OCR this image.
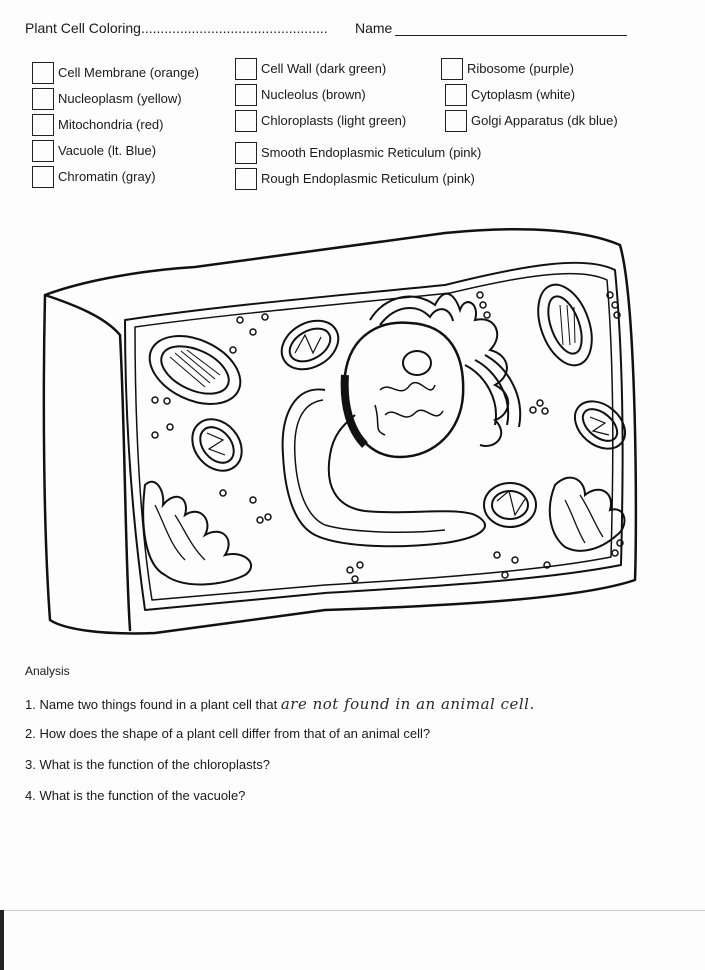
Plant Cell Coloring................................................ Name
Cell Membrane (orange)
Nucleoplasm (yellow)
Mitochondria (red)
Vacuole (lt. Blue)
Chromatin (gray)
Cell Wall (dark green)
Nucleolus (brown)
Chloroplasts (light green)
Smooth Endoplasmic Reticulum (pink)
Rough Endoplasmic Reticulum (pink)
Ribosome (purple)
Cytoplasm (white)
Golgi Apparatus (dk blue)
Analysis
1. Name two things found in a plant cell that are not found in an animal cell.
2. How does the shape of a plant cell differ from that of an animal cell?
3. What is the function of the chloroplasts?
4. What is the function of the vacuole?
